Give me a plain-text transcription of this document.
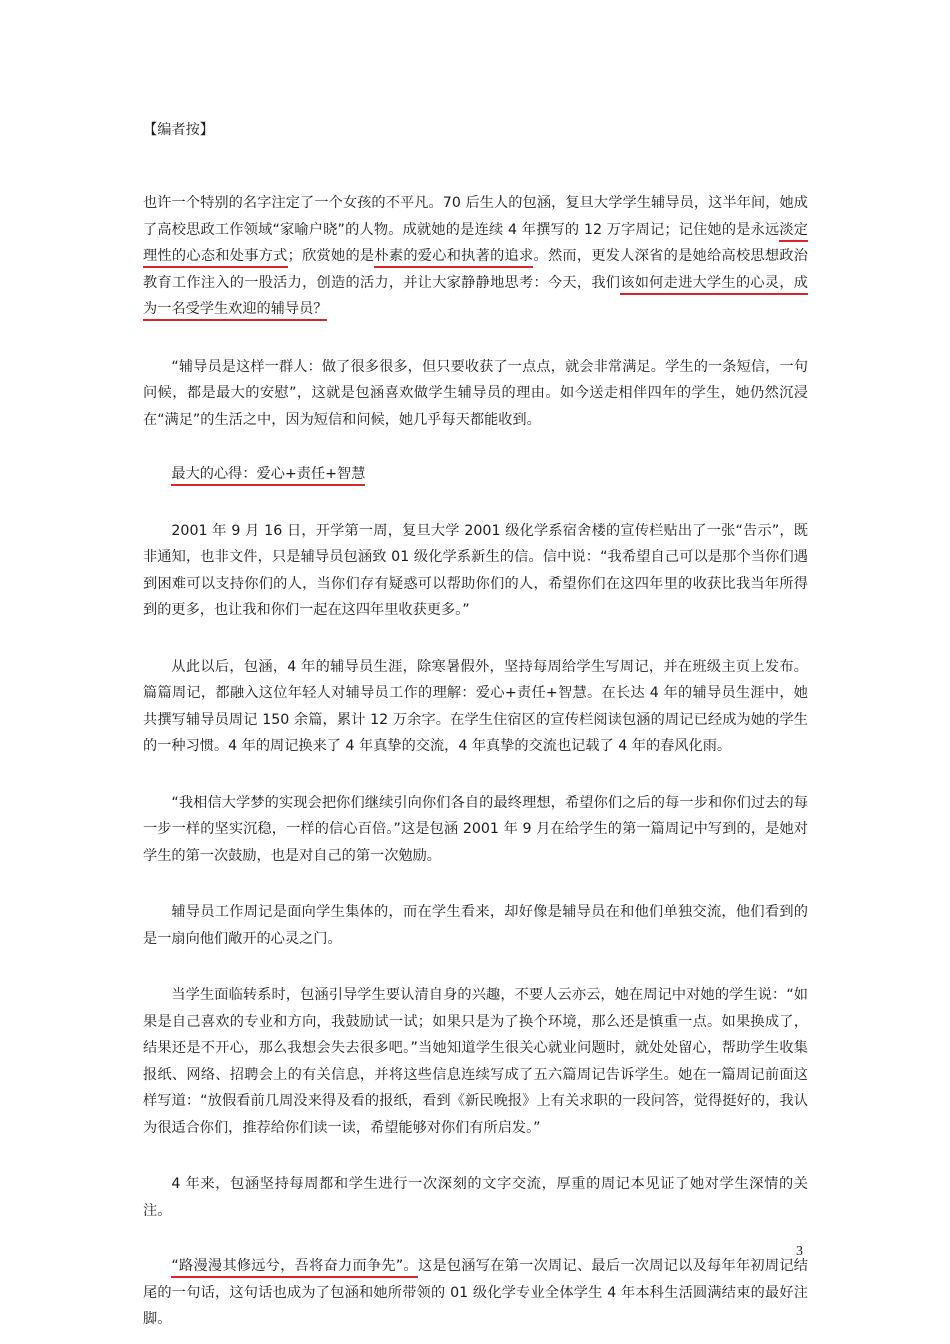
【编者按】

也许一个特别的名字注定了一个女孩的不平凡。70 后生人的包涵，复旦大学学生辅导员，这半年间，她成了高校思政工作领域“家喻户晓”的人物。成就她的是连续 4 年撰写的 12 万字周记；记住她的是永远淡定理性的心态和处事方式；欣赏她的是朴素的爱心和执著的追求。然而，更发人深省的是她给高校思想政治教育工作注入的一股活力，创造的活力，并让大家静静地思考：今天，我们该如何走进大学生的心灵，成为一名受学生欢迎的辅导员？

“辅导员是这样一群人：做了很多很多，但只要收获了一点点，就会非常满足。学生的一条短信，一句问候，都是最大的安慰”，这就是包涵喜欢做学生辅导员的理由。如今送走相伴四年的学生，她仍然沉浸在“满足”的生活之中，因为短信和问候，她几乎每天都能收到。

最大的心得：爱心+责任+智慧

2001 年 9 月 16 日，开学第一周，复旦大学 2001 级化学系宿舍楼的宣传栏贴出了一张“告示”，既非通知，也非文件，只是辅导员包涵致 01 级化学系新生的信。信中说：“我希望自己可以是那个当你们遇到困难可以支持你们的人，当你们存有疑惑可以帮助你们的人，希望你们在这四年里的收获比我当年所得到的更多，也让我和你们一起在这四年里收获更多。”

从此以后，包涵，4 年的辅导员生涯，除寒暑假外，坚持每周给学生写周记，并在班级主页上发布。篇篇周记，都融入这位年轻人对辅导员工作的理解：爱心+责任+智慧。在长达 4 年的辅导员生涯中，她共撰写辅导员周记 150 余篇，累计 12 万余字。在学生住宿区的宣传栏阅读包涵的周记已经成为她的学生的一种习惯。4 年的周记换来了 4 年真挚的交流，4 年真挚的交流也记载了 4 年的春风化雨。

“我相信大学梦的实现会把你们继续引向你们各自的最终理想，希望你们之后的每一步和你们过去的每一步一样的坚实沉稳，一样的信心百倍。”这是包涵 2001 年 9 月在给学生的第一篇周记中写到的，是她对学生的第一次鼓励，也是对自己的第一次勉励。

辅导员工作周记是面向学生集体的，而在学生看来，却好像是辅导员在和他们单独交流，他们看到的是一扇向他们敞开的心灵之门。

当学生面临转系时，包涵引导学生要认清自身的兴趣，不要人云亦云，她在周记中对她的学生说：“如果是自己喜欢的专业和方向，我鼓励试一试；如果只是为了换个环境，那么还是慎重一点。如果换成了，结果还是不开心，那么我想会失去很多吧。”当她知道学生很关心就业问题时，就处处留心，帮助学生收集报纸、网络、招聘会上的有关信息，并将这些信息连续写成了五六篇周记告诉学生。她在一篇周记前面这样写道：“放假看前几周没来得及看的报纸，看到《新民晚报》上有关求职的一段问答，觉得挺好的，我认为很适合你们，推荐给你们读一读，希望能够对你们有所启发。”

4 年来，包涵坚持每周都和学生进行一次深刻的文字交流，厚重的周记本见证了她对学生深情的关注。

“路漫漫其修远兮，吾将奋力而争先”。这是包涵写在第一次周记、最后一次周记以及每年年初周记结尾的一句话，这句话也成为了包涵和她所带领的 01 级化学专业全体学生 4 年本科生活圆满结束的最好注脚。

3
